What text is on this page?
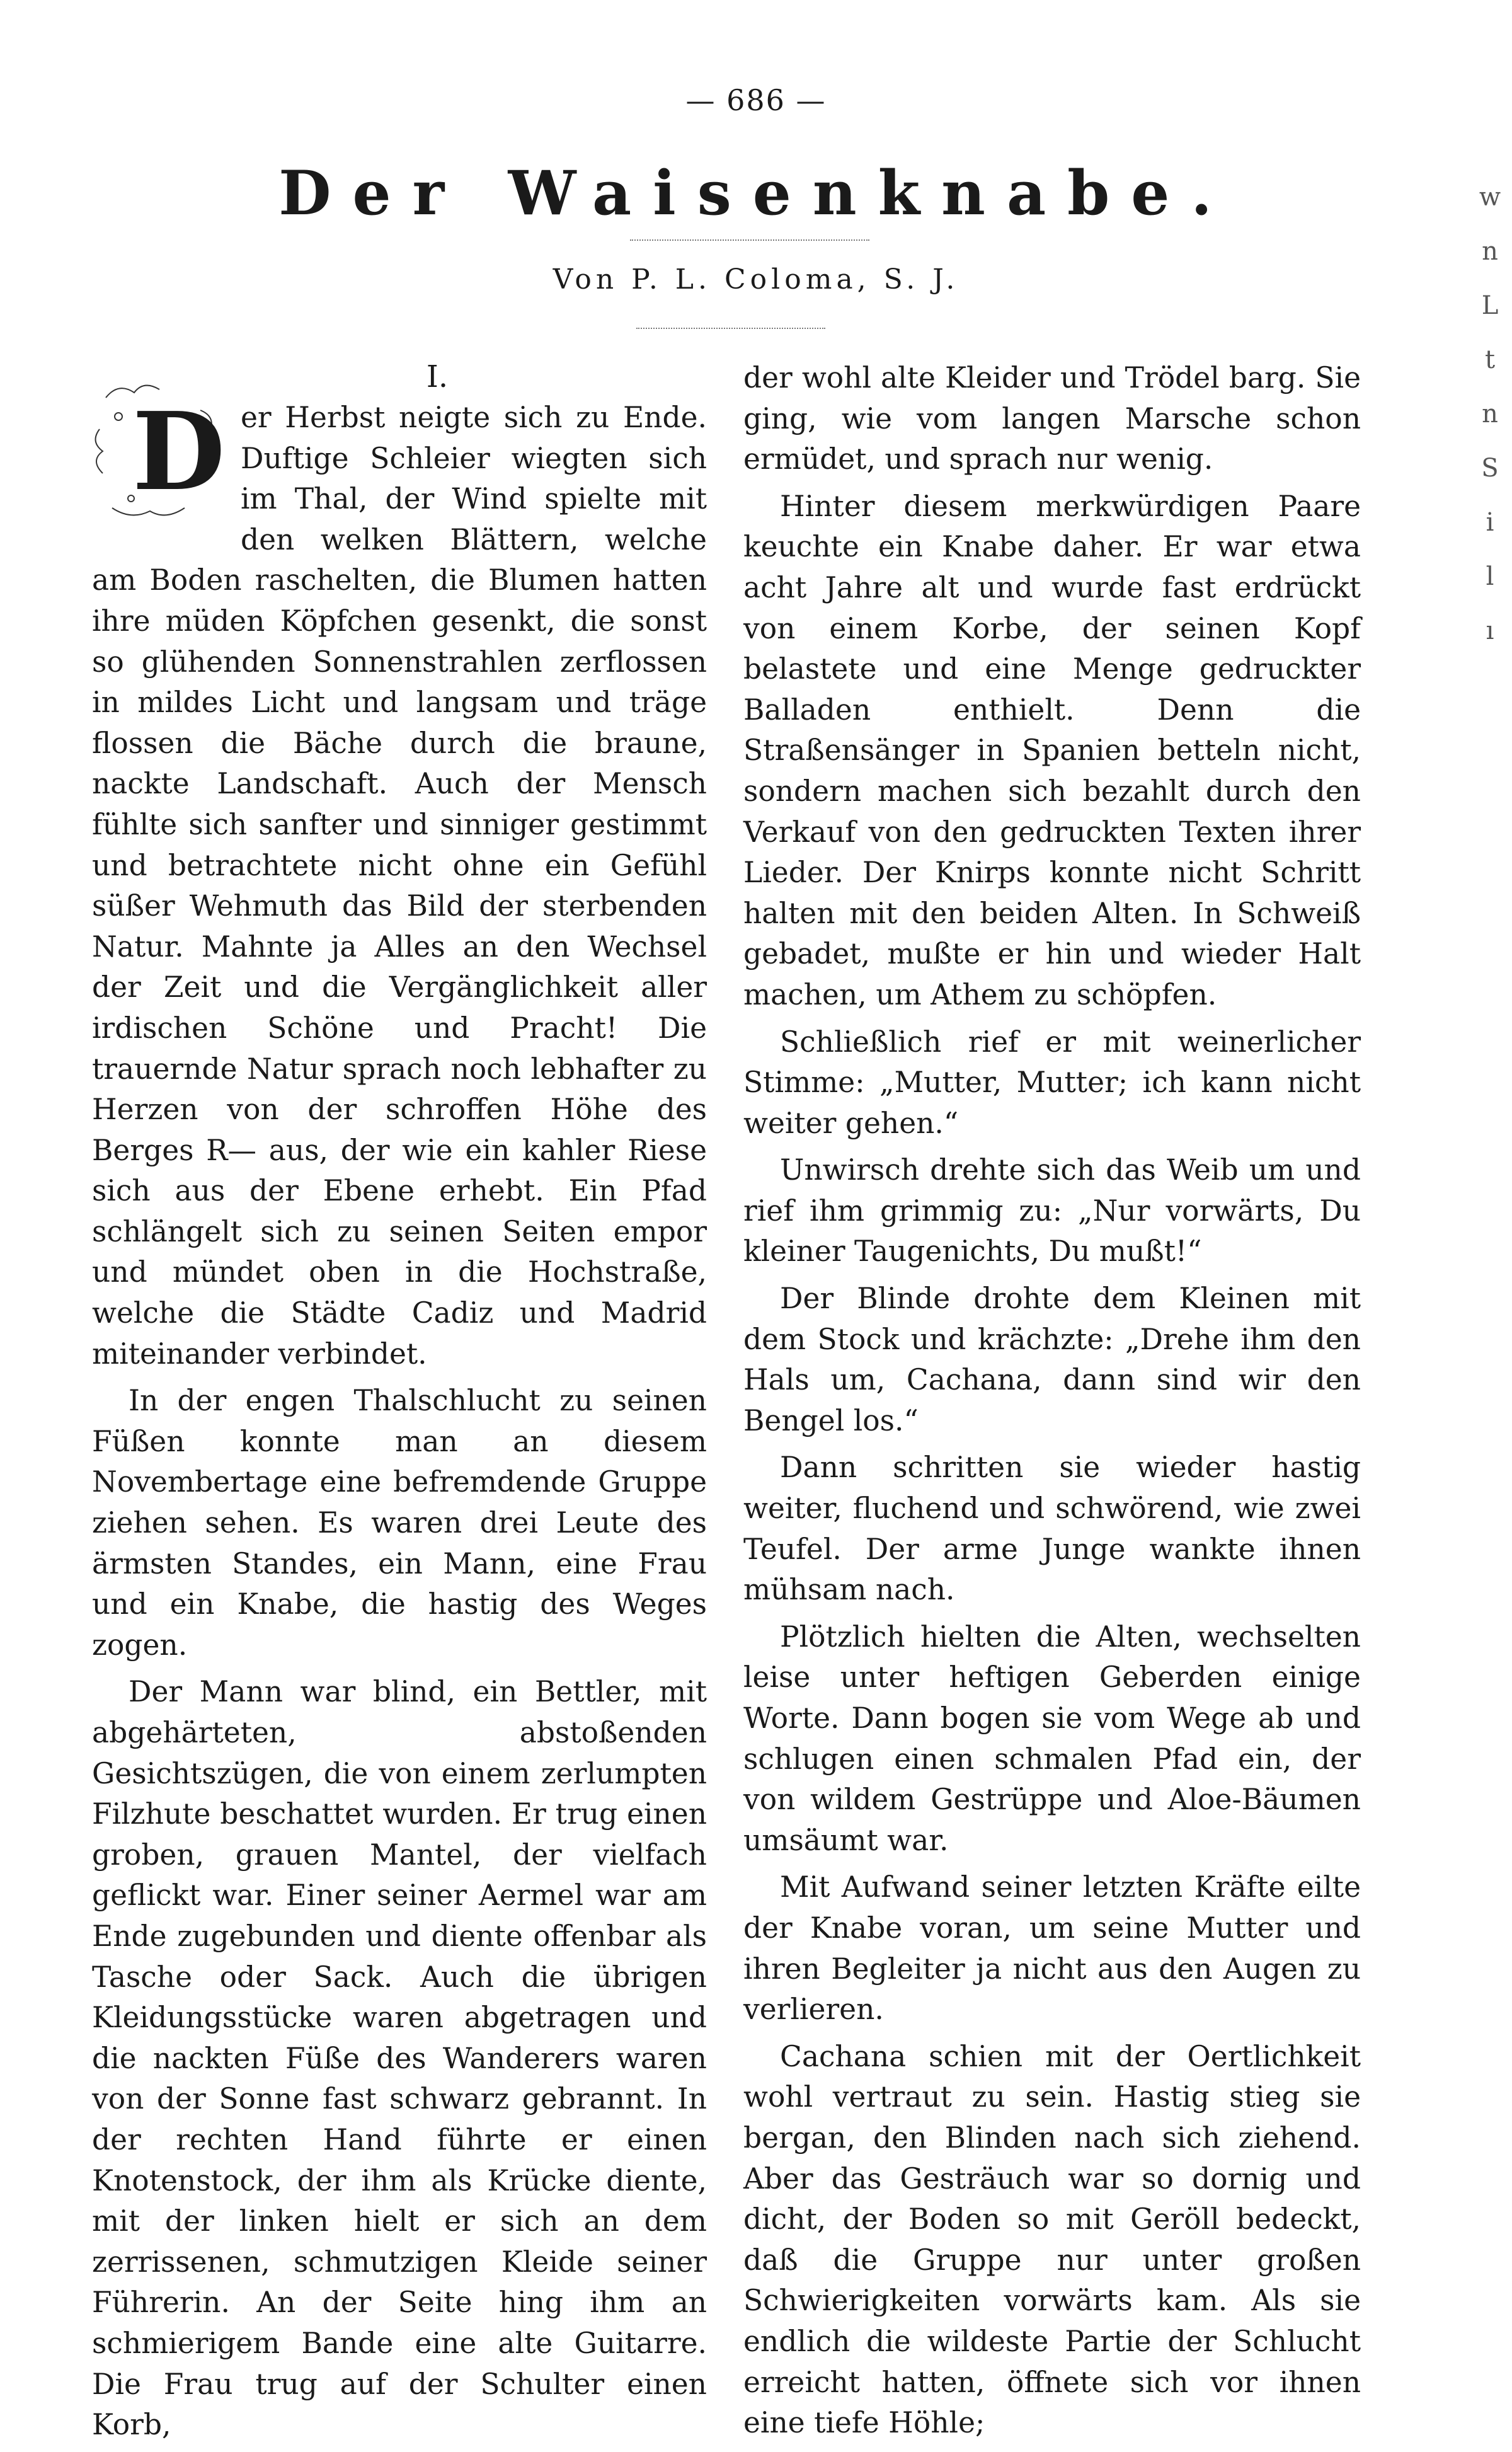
— 686 —
Der Waisenknabe.
Von P. L. Coloma, S. J.
I.

D er Herbst neigte sich zu Ende. Duftige Schleier wiegten sich im Thal, der Wind spielte mit den welken Blättern, welche am Boden raschelten, die Blumen hatten ihre müden Köpfchen gesenkt, die sonst so glühenden Sonnenstrahlen zerflossen in mildes Licht und langsam und träge flossen die Bäche durch die braune, nackte Landschaft. Auch der Mensch fühlte sich sanfter und sinniger gestimmt und betrachtete nicht ohne ein Gefühl süßer Wehmuth das Bild der sterbenden Natur. Mahnte ja Alles an den Wechsel der Zeit und die Vergänglichkeit aller irdischen Schöne und Pracht! Die trauernde Natur sprach noch lebhafter zu Herzen von der schroffen Höhe des Berges R— aus, der wie ein kahler Riese sich aus der Ebene erhebt. Ein Pfad schlängelt sich zu seinen Seiten empor und mündet oben in die Hochstraße, welche die Städte Cadiz und Madrid miteinander verbindet.

In der engen Thalschlucht zu seinen Füßen konnte man an diesem Novembertage eine befremdende Gruppe ziehen sehen. Es waren drei Leute des ärmsten Standes, ein Mann, eine Frau und ein Knabe, die hastig des Weges zogen.

Der Mann war blind, ein Bettler, mit abgehärteten, abstoßenden Gesichtszügen, die von einem zerlumpten Filzhute beschattet wurden. Er trug einen groben, grauen Mantel, der vielfach geflickt war. Einer seiner Aermel war am Ende zugebunden und diente offenbar als Tasche oder Sack. Auch die übrigen Kleidungsstücke waren abgetragen und die nackten Füße des Wanderers waren von der Sonne fast schwarz gebrannt. In der rechten Hand führte er einen Knotenstock, der ihm als Krücke diente, mit der linken hielt er sich an dem zerrissenen, schmutzigen Kleide seiner Führerin. An der Seite hing ihm an schmierigem Bande eine alte Guitarre. Die Frau trug auf der Schulter einen Korb,

der wohl alte Kleider und Trödel barg. Sie ging, wie vom langen Marsche schon ermüdet, und sprach nur wenig.

Hinter diesem merkwürdigen Paare keuchte ein Knabe daher. Er war etwa acht Jahre alt und wurde fast erdrückt von einem Korbe, der seinen Kopf belastete und eine Menge gedruckter Balladen enthielt. Denn die Straßensänger in Spanien betteln nicht, sondern machen sich bezahlt durch den Verkauf von den gedruckten Texten ihrer Lieder. Der Knirps konnte nicht Schritt halten mit den beiden Alten. In Schweiß gebadet, mußte er hin und wieder Halt machen, um Athem zu schöpfen.

Schließlich rief er mit weinerlicher Stimme: „Mutter, Mutter; ich kann nicht weiter gehen.“

Unwirsch drehte sich das Weib um und rief ihm grimmig zu: „Nur vorwärts, Du kleiner Taugenichts, Du mußt!“

Der Blinde drohte dem Kleinen mit dem Stock und krächzte: „Drehe ihm den Hals um, Cachana, dann sind wir den Bengel los.“

Dann schritten sie wieder hastig weiter, fluchend und schwörend, wie zwei Teufel. Der arme Junge wankte ihnen mühsam nach.

Plötzlich hielten die Alten, wechselten leise unter heftigen Geberden einige Worte. Dann bogen sie vom Wege ab und schlugen einen schmalen Pfad ein, der von wildem Gestrüppe und Aloe-Bäumen umsäumt war.

Mit Aufwand seiner letzten Kräfte eilte der Knabe voran, um seine Mutter und ihren Begleiter ja nicht aus den Augen zu verlieren.

Cachana schien mit der Oertlichkeit wohl vertraut zu sein. Hastig stieg sie bergan, den Blinden nach sich ziehend. Aber das Gesträuch war so dornig und dicht, der Boden so mit Geröll bedeckt, daß die Gruppe nur unter großen Schwierigkeiten vorwärts kam. Als sie endlich die wildeste Partie der Schlucht erreicht hatten, öffnete sich vor ihnen eine tiefe Höhle;

w
n
L
t
n
S
i
l
ı
